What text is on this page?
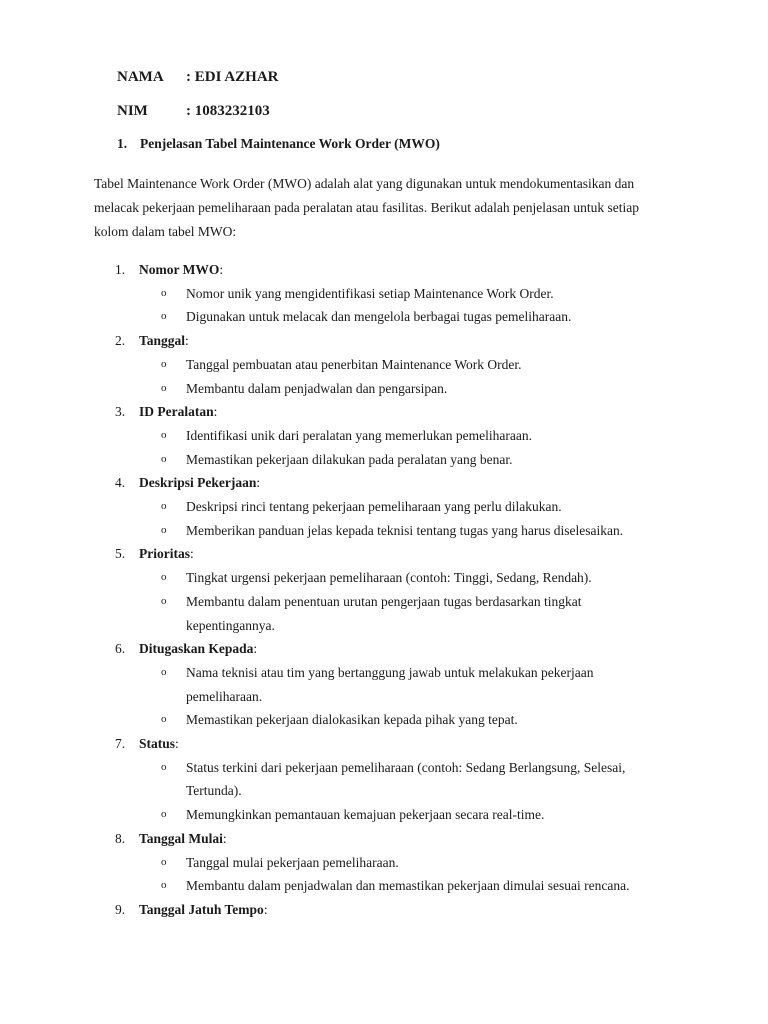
NAMA : EDI AZHAR
NIM	: 1083232103
1. Penjelasan Tabel Maintenance Work Order (MWO)

Tabel Maintenance Work Order (MWO) adalah alat yang digunakan untuk mendokumentasikan dan melacak pekerjaan pemeliharaan pada peralatan atau fasilitas. Berikut adalah penjelasan untuk setiap kolom dalam tabel MWO:

1.	Nomor MWO:
o Nomor unik yang mengidentifikasi setiap Maintenance Work Order.
o Digunakan untuk melacak dan mengelola berbagai tugas pemeliharaan.
2.	Tanggal:
o Tanggal pembuatan atau penerbitan Maintenance Work Order.
o Membantu dalam penjadwalan dan pengarsipan.
3.	ID Peralatan:
o Identifikasi unik dari peralatan yang memerlukan pemeliharaan.
o Memastikan pekerjaan dilakukan pada peralatan yang benar.
4.	Deskripsi Pekerjaan:
o Deskripsi rinci tentang pekerjaan pemeliharaan yang perlu dilakukan.
o Memberikan panduan jelas kepada teknisi tentang tugas yang harus diselesaikan.
5.	Prioritas:
o Tingkat urgensi pekerjaan pemeliharaan (contoh: Tinggi, Sedang, Rendah).
o Membantu dalam penentuan urutan pengerjaan tugas berdasarkan tingkat kepentingannya.
6.	Ditugaskan Kepada:
o Nama teknisi atau tim yang bertanggung jawab untuk melakukan pekerjaan pemeliharaan.
o Memastikan pekerjaan dialokasikan kepada pihak yang tepat.
7.	Status:
o Status terkini dari pekerjaan pemeliharaan (contoh: Sedang Berlangsung, Selesai, Tertunda).
o Memungkinkan pemantauan kemajuan pekerjaan secara real-time.
8.	Tanggal Mulai:
o Tanggal mulai pekerjaan pemeliharaan.
o Membantu dalam penjadwalan dan memastikan pekerjaan dimulai sesuai rencana.
9.	Tanggal Jatuh Tempo:
